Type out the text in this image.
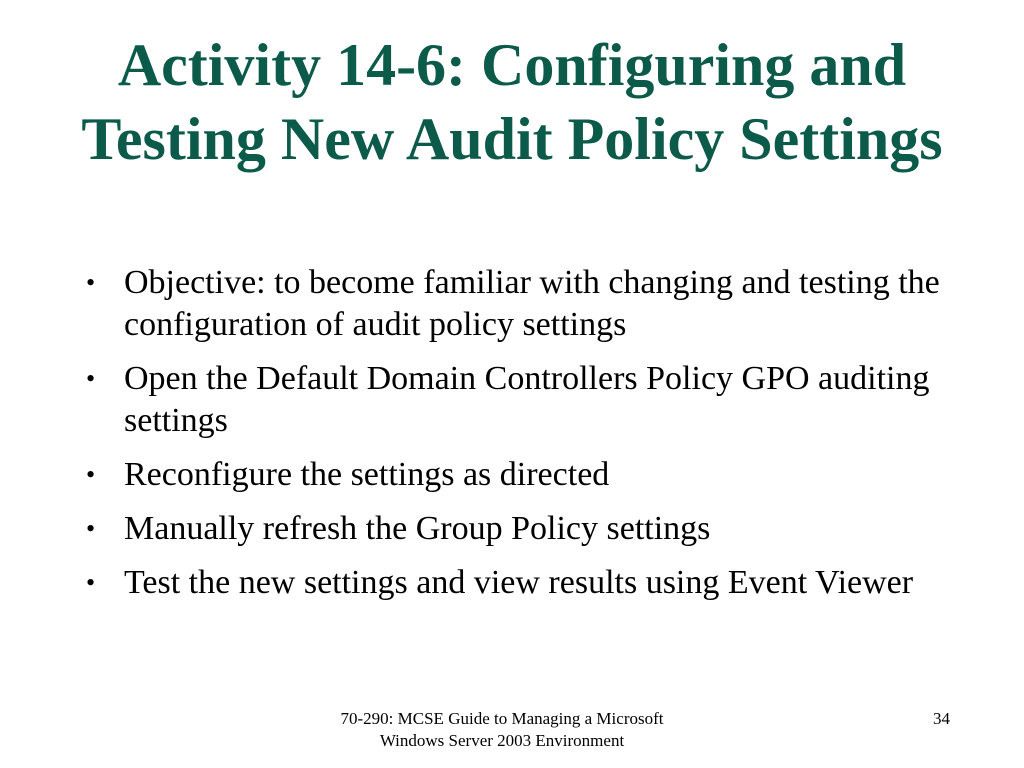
Activity 14-6: Configuring and Testing New Audit Policy Settings
• Objective: to become familiar with changing and testing the configuration of audit policy settings
• Open the Default Domain Controllers Policy GPO auditing settings
• Reconfigure the settings as directed
• Manually refresh the Group Policy settings
• Test the new settings and view results using Event Viewer
70-290: MCSE Guide to Managing a Microsoft
Windows Server 2003 Environment
34
